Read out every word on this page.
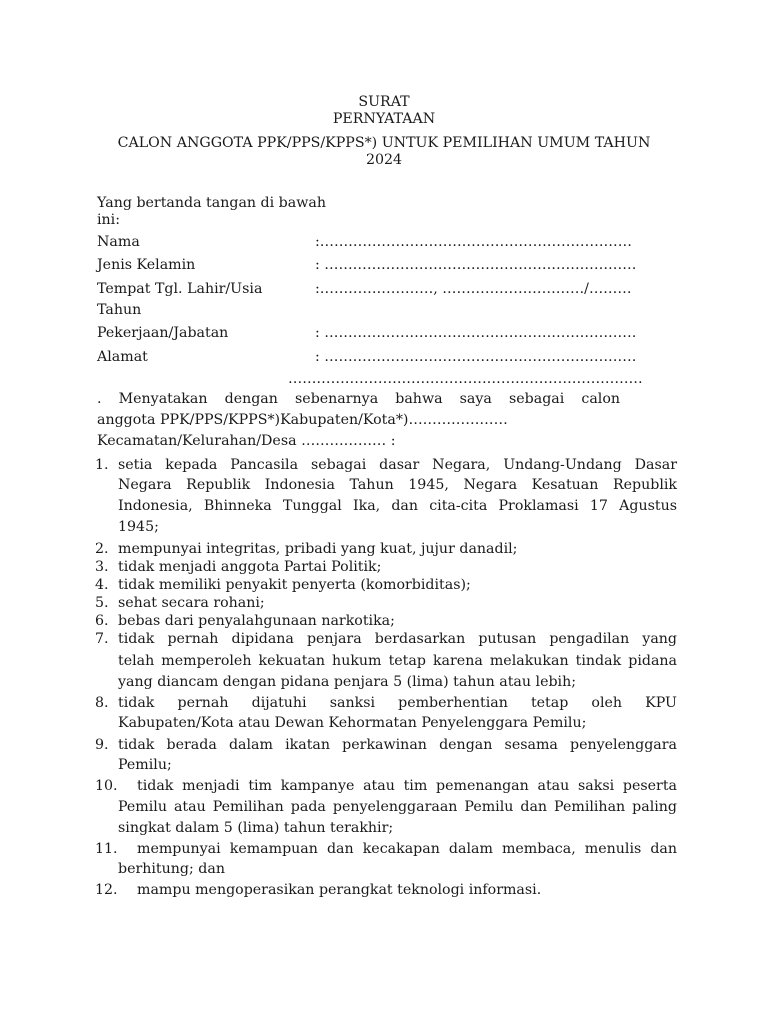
SURAT
PERNYATAAN
CALON ANGGOTA PPK/PPS/KPPS*) UNTUK PEMILIHAN UMUM TAHUN
2024
Yang bertanda tangan di bawah
ini:
Nama	:…………………………………………………………
Jenis Kelamin	: …………………………………………………………
Tempat Tgl. Lahir/Usia	:……………………, …………………………/………
Tahun
Pekerjaan/Jabatan	: …………………………………………………………
Alamat	: …………………………………………………………
…………………………………………………………………
. Menyatakan dengan sebenarnya bahwa saya sebagai calon
anggota PPK/PPS/KPPS*)Kabupaten/Kota*)…………………
Kecamatan/Kelurahan/Desa ……………… :
1. setia kepada Pancasila sebagai dasar Negara, Undang-Undang Dasar
Negara Republik Indonesia Tahun 1945, Negara Kesatuan Republik
Indonesia, Bhinneka Tunggal Ika, dan cita-cita Proklamasi 17 Agustus
1945;
2. mempunyai integritas, pribadi yang kuat, jujur danadil;
3. tidak menjadi anggota Partai Politik;
4. tidak memiliki penyakit penyerta (komorbiditas);
5. sehat secara rohani;
6. bebas dari penyalahgunaan narkotika;
7. tidak pernah dipidana penjara berdasarkan putusan pengadilan yang
telah memperoleh kekuatan hukum tetap karena melakukan tindak pidana
yang diancam dengan pidana penjara 5 (lima) tahun atau lebih;
8. tidak pernah dijatuhi sanksi pemberhentian tetap oleh KPU
Kabupaten/Kota atau Dewan Kehormatan Penyelenggara Pemilu;
9. tidak berada dalam ikatan perkawinan dengan sesama penyelenggara
Pemilu;
10. tidak menjadi tim kampanye atau tim pemenangan atau saksi peserta
Pemilu atau Pemilihan pada penyelenggaraan Pemilu dan Pemilihan paling
singkat dalam 5 (lima) tahun terakhir;
11. mempunyai kemampuan dan kecakapan dalam membaca, menulis dan
berhitung; dan
12. mampu mengoperasikan perangkat teknologi informasi.
